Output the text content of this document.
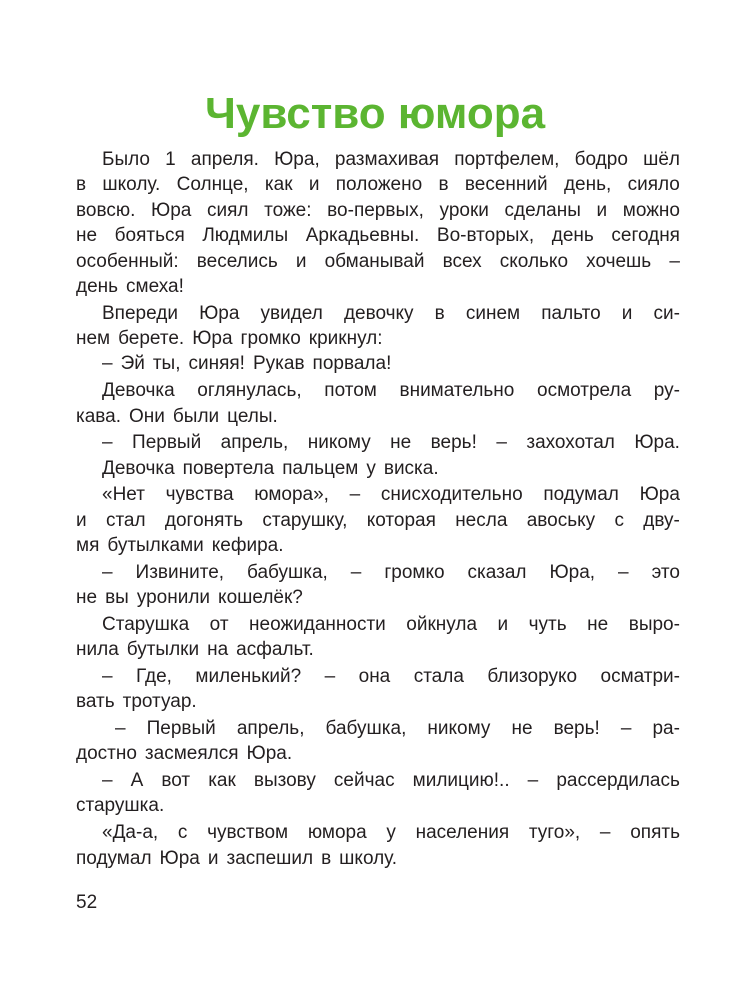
Чувство юмора
Было 1 апреля. Юра, размахивая портфелем, бодро шёл
в школу. Солнце, как и положено в весенний день, сияло
вовсю. Юра сиял тоже: во-первых, уроки сделаны и можно
не бояться Людмилы Аркадьевны. Во-вторых, день сегодня
особенный: веселись и обманывай всех сколько хочешь –
день смеха!
Впереди Юра увидел девочку в синем пальто и си-
нем берете. Юра громко крикнул:
– Эй ты, синяя! Рукав порвала!
Девочка оглянулась, потом внимательно осмотрела ру-
кава. Они были целы.
– Первый апрель, никому не верь! – захохотал Юра.
Девочка повертела пальцем у виска.
«Нет чувства юмора», – снисходительно подумал Юра
и стал догонять старушку, которая несла авоську с дву-
мя бутылками кефира.
– Извините, бабушка, – громко сказал Юра, – это
не вы уронили кошелёк?
Старушка от неожиданности ойкнула и чуть не выро-
нила бутылки на асфальт.
– Где, миленький? – она стала близоруко осматри-
вать тротуар.
– Первый апрель, бабушка, никому не верь! – ра-
достно засмеялся Юра.
– А вот как вызову сейчас милицию!.. – рассердилась
старушка.
«Да-а, с чувством юмора у населения туго», – опять
подумал Юра и заспешил в школу.
52
